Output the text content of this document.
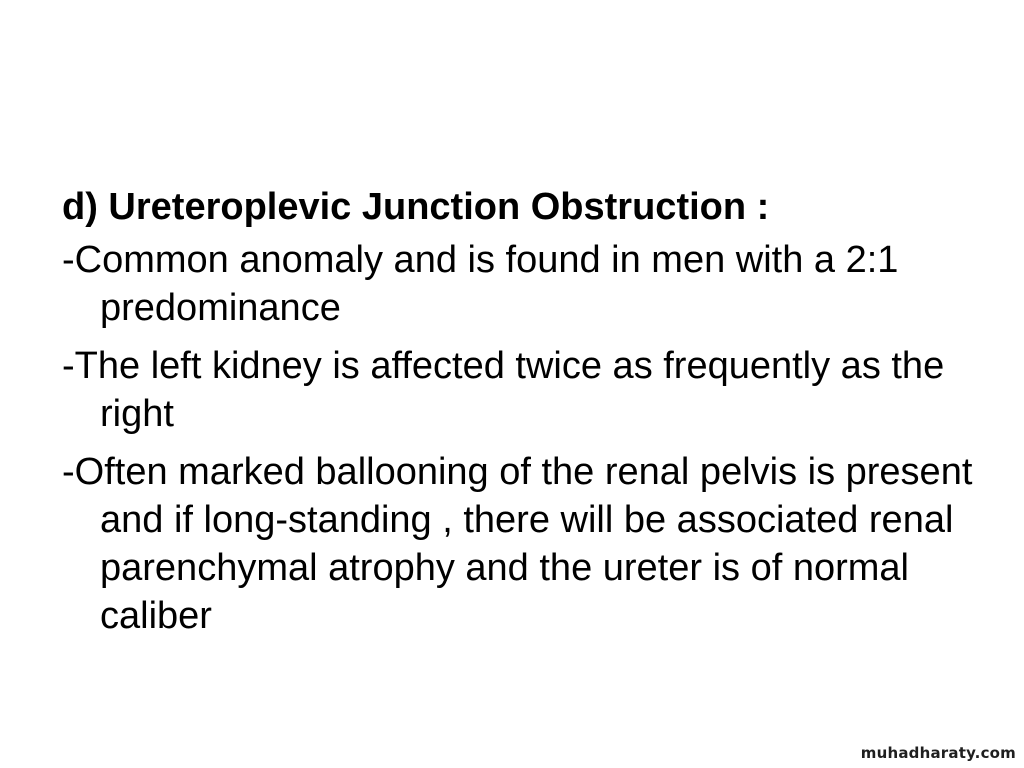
d) Ureteroplevic Junction Obstruction :
-Common anomaly and is found in men with a 2:1 predominance
-The left kidney is affected twice as frequently as the right
-Often marked ballooning of the renal pelvis is present and if long-standing , there will be associated renal parenchymal atrophy and the ureter is of normal caliber
muhadharaty.com
